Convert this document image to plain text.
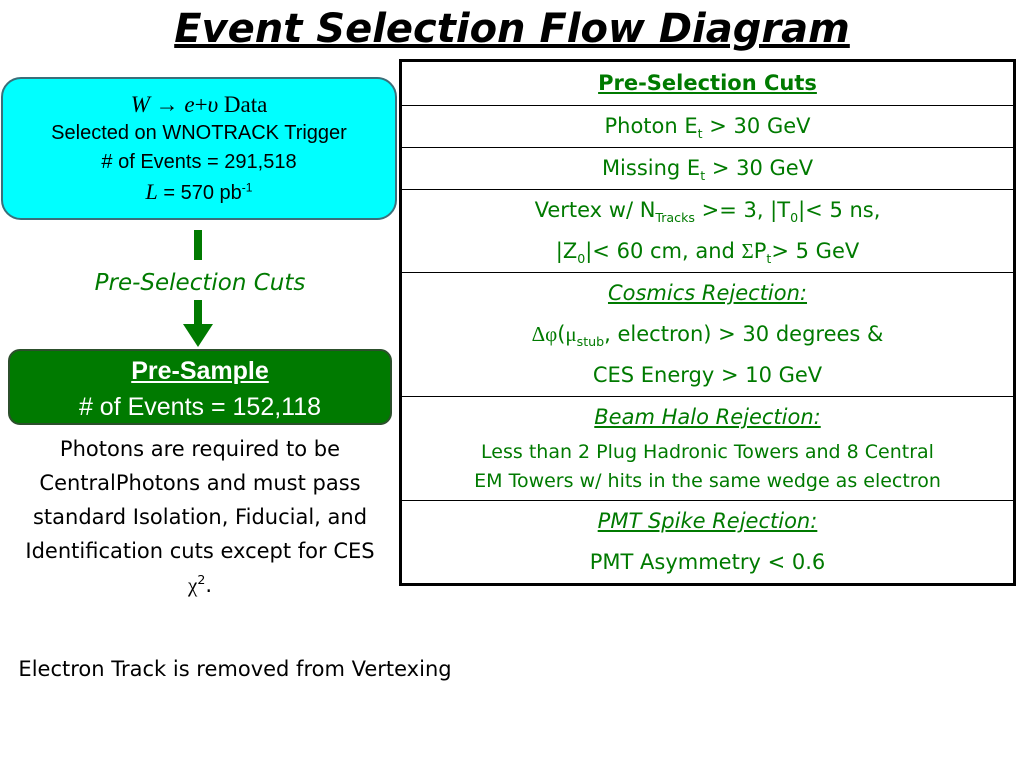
Event Selection Flow Diagram
W → e+υ Data
Selected on WNOTRACK Trigger
# of Events = 291,518
L = 570 $pb^{-1}$
Pre-Selection Cuts
Pre-Sample
# of Events = 152,118
Photons are required to be CentralPhotons and must pass standard Isolation, Fiducial, and Identification cuts except for CES $\chi^2$.
Electron Track is removed from Vertexing
Pre-Selection Cuts
Photon $E_t > 30$ GeV
Missing $E_t > 30$ GeV

Vertex w/ $N_{Tracks} >= 3$, $|T_0|< 5$ ns,
$|Z_0|< 60$ cm, and $\Sigma P_t> 5$ GeV

Cosmics Rejection:
$\Delta\varphi(\mu_{stub}$, electron) > 30 degrees &
CES Energy > 10 GeV

Beam Halo Rejection:
Less than 2 Plug Hadronic Towers and 8 Central
EM Towers w/ hits in the same wedge as electron

PMT Spike Rejection:
PMT Asymmetry < 0.6
